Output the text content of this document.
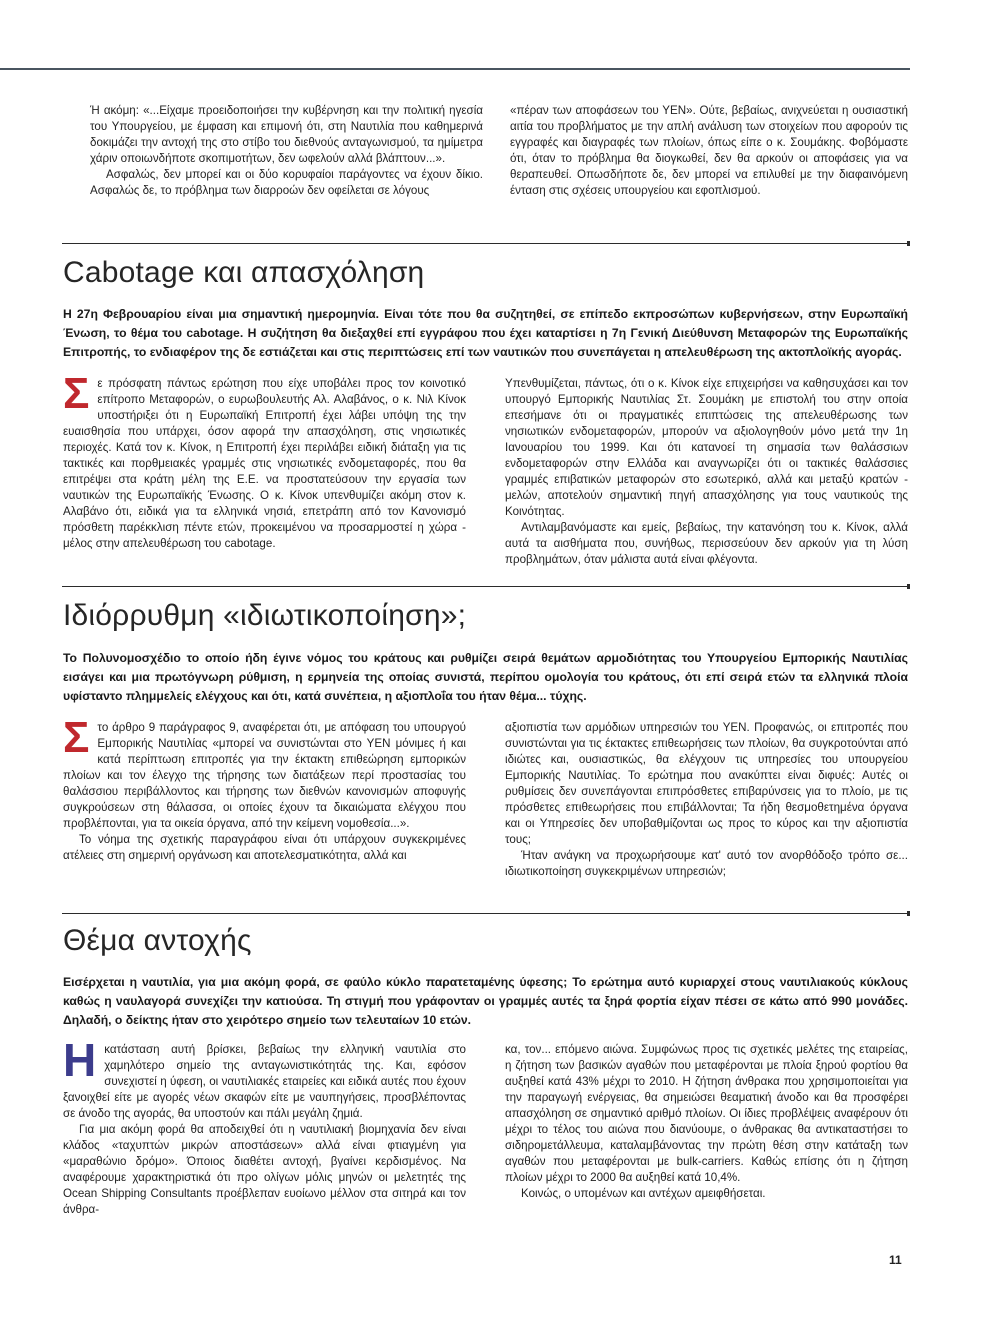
Ή ακόμη: «...Είχαμε προειδοποιήσει την κυβέρνηση και την πολιτική ηγεσία του Υπουργείου, με έμφαση και επιμονή ότι, στη Ναυτιλία που καθημερινά δοκιμάζει την αντοχή της στο στίβο του διεθνούς ανταγωνισμού, τα ημίμετρα χάριν οποιωνδήποτε σκοπιμοτήτων, δεν ωφελούν αλλά βλάπτουν...».

Ασφαλώς, δεν μπορεί και οι δύο κορυφαίοι παράγοντες να έχουν δίκιο. Ασφαλώς δε, το πρόβλημα των διαρροών δεν οφείλεται σε λόγους

«πέραν των αποφάσεων του ΥΕΝ». Ούτε, βεβαίως, ανιχνεύεται η ουσιαστική αιτία του προβλήματος με την απλή ανάλυση των στοιχείων που αφορούν τις εγγραφές και διαγραφές των πλοίων, όπως είπε ο κ. Σουμάκης. Φοβόμαστε ότι, όταν το πρόβλημα θα διογκωθεί, δεν θα αρκούν οι αποφάσεις για να θεραπευθεί. Οπωσδήποτε δε, δεν μπορεί να επιλυθεί με την διαφαινόμενη ένταση στις σχέσεις υπουργείου και εφοπλισμού.

Cabotage και απασχόληση

Η 27η Φεβρουαρίου είναι μια σημαντική ημερομηνία. Είναι τότε που θα συζητηθεί, σε επίπεδο εκπροσώπων κυβερνήσεων, στην Ευρωπαϊκή Ένωση, το θέμα του cabotage. Η συζήτηση θα διεξαχθεί επί εγγράφου που έχει καταρτίσει η 7η Γενική Διεύθυνση Μεταφορών της Ευρωπαϊκής Επιτροπής, το ενδιαφέρον της δε εστιάζεται και στις περιπτώσεις επί των ναυτικών που συνεπάγεται η απελευθέρωση της ακτοπλοϊκής αγοράς.

Σε πρόσφατη πάντως ερώτηση που είχε υποβάλει προς τον κοινοτικό επίτροπο Μεταφορών, ο ευρωβουλευτής Αλ. Αλαβάνος, ο κ. Νιλ Κίνοκ υποστήριξει ότι η Ευρωπαϊκή Επιτροπή έχει λάβει υπόψη της την ευαισθησία που υπάρχει, όσον αφορά την απασχόληση, στις νησιωτικές περιοχές. Κατά τον κ. Κίνοκ, η Επιτροπή έχει περιλάβει ειδική διάταξη για τις τακτικές και πορθμειακές γραμμές στις νησιωτικές ενδομεταφορές, που θα επιτρέψει στα κράτη μέλη της Ε.Ε. να προστατεύσουν την εργασία των ναυτικών της Ευρωπαϊκής Ένωσης. Ο κ. Κίνοκ υπενθυμίζει ακόμη στον κ. Αλαβάνο ότι, ειδικά για τα ελληνικά νησιά, επετράπη από τον Κανονισμό πρόσθετη παρέκκλιση πέντε ετών, προκειμένου να προσαρμοστεί η χώρα - μέλος στην απελευθέρωση του cabotage.

Υπενθυμίζεται, πάντως, ότι ο κ. Κίνοκ είχε επιχειρήσει να καθησυχάσει και τον υπουργό Εμπορικής Ναυτιλίας Στ. Σουμάκη με επιστολή του στην οποία επεσήμανε ότι οι πραγματικές επιπτώσεις της απελευθέρωσης των νησιωτικών ενδομεταφορών, μπορούν να αξιολογηθούν μόνο μετά την 1η Ιανουαρίου του 1999. Και ότι κατανοεί τη σημασία των θαλάσσιων ενδομεταφορών στην Ελλάδα και αναγνωρίζει ότι οι τακτικές θαλάσσιες γραμμές επιβατικών μεταφορών στο εσωτερικό, αλλά και μεταξύ κρατών - μελών, αποτελούν σημαντική πηγή απασχόλησης για τους ναυτικούς της Κοινότητας.

Αντιλαμβανόμαστε και εμείς, βεβαίως, την κατανόηση του κ. Κίνοκ, αλλά αυτά τα αισθήματα που, συνήθως, περισσεύουν δεν αρκούν για τη λύση προβλημάτων, όταν μάλιστα αυτά είναι φλέγοντα.

Ιδιόρρυθμη «ιδιωτικοποίηση»;

Το Πολυνομοσχέδιο το οποίο ήδη έγινε νόμος του κράτους και ρυθμίζει σειρά θεμάτων αρμοδιότητας του Υπουργείου Εμπορικής Ναυτιλίας εισάγει και μια πρωτόγνωρη ρύθμιση, η ερμηνεία της οποίας συνιστά, περίπου ομολογία του κράτους, ότι επί σειρά ετών τα ελληνικά πλοία υφίσταντο πλημμελείς ελέγχους και ότι, κατά συνέπεια, η αξιοπλοΐα του ήταν θέμα... τύχης.

Στο άρθρο 9 παράγραφος 9, αναφέρεται ότι, με απόφαση του υπουργού Εμπορικής Ναυτιλίας «μπορεί να συνιστώνται στο ΥΕΝ μόνιμες ή και κατά περίπτωση επιτροπές για την έκτακτη επιθεώρηση εμπορικών πλοίων και τον έλεγχο της τήρησης των διατάξεων περί προστασίας του θαλάσσιου περιβάλλοντος και τήρησης των διεθνών κανονισμών αποφυγής συγκρούσεων στη θάλασσα, οι οποίες έχουν τα δικαιώματα ελέγχου που προβλέπονται, για τα οικεία όργανα, από την κείμενη νομοθεσία...».

Το νόημα της σχετικής παραγράφου είναι ότι υπάρχουν συγκεκριμένες ατέλειες στη σημερινή οργάνωση και αποτελεσματικότητα, αλλά και

αξιοπιστία των αρμόδιων υπηρεσιών του ΥΕΝ. Προφανώς, οι επιτροπές που συνιστώνται για τις έκτακτες επιθεωρήσεις των πλοίων, θα συγκροτούνται από ιδιώτες και, ουσιαστικώς, θα ελέγχουν τις υπηρεσίες του υπουργείου Εμπορικής Ναυτιλίας. Το ερώτημα που ανακύπτει είναι διφυές: Αυτές οι ρυθμίσεις δεν συνεπάγονται επιπρόσθετες επιβαρύνσεις για το πλοίο, με τις πρόσθετες επιθεωρήσεις που επιβάλλονται; Τα ήδη θεσμοθετημένα όργανα και οι Υπηρεσίες δεν υποβαθμίζονται ως προς το κύρος και την αξιοπιστία τους;

Ήταν ανάγκη να προχωρήσουμε κατ' αυτό τον ανορθόδοξο τρόπο σε... ιδιωτικοποίηση συγκεκριμένων υπηρεσιών;

Θέμα αντοχής

Εισέρχεται η ναυτιλία, για μια ακόμη φορά, σε φαύλο κύκλο παρατεταμένης ύφεσης; Το ερώτημα αυτό κυριαρχεί στους ναυτιλιακούς κύκλους καθώς η ναυλαγορά συνεχίζει την κατιούσα. Τη στιγμή που γράφονταν οι γραμμές αυτές τα ξηρά φορτία είχαν πέσει σε κάτω από 990 μονάδες. Δηλαδή, ο δείκτης ήταν στο χειρότερο σημείο των τελευταίων 10 ετών.

Ηκατάσταση αυτή βρίσκει, βεβαίως την ελληνική ναυτιλία στο χαμηλότερο σημείο της ανταγωνιστικότητάς της. Και, εφόσον συνεχιστεί η ύφεση, οι ναυτιλιακές εταιρείες και ειδικά αυτές που έχουν ξανοιχθεί είτε με αγορές νέων σκαφών είτε με ναυπηγήσεις, προσβλέποντας σε άνοδο της αγοράς, θα υποστούν και πάλι μεγάλη ζημιά.

Για μια ακόμη φορά θα αποδειχθεί ότι η ναυτιλιακή βιομηχανία δεν είναι κλάδος «ταχυπτών μικρών αποστάσεων» αλλά είναι φτιαγμένη για «μαραθώνιο δρόμο». Όποιος διαθέτει αντοχή, βγαίνει κερδισμένος. Να αναφέρουμε χαρακτηριστικά ότι προ ολίγων μόλις μηνών οι μελετητές της Ocean Shipping Consultants προέβλεπαν ευοίωνο μέλλον στα σιτηρά και τον άνθρα-

κα, τον... επόμενο αιώνα. Συμφώνως προς τις σχετικές μελέτες της εταιρείας, η ζήτηση των βασικών αγαθών που μεταφέρονται με πλοία ξηρού φορτίου θα αυξηθεί κατά 43% μέχρι το 2010. Η ζήτηση άνθρακα που χρησιμοποιείται για την παραγωγή ενέργειας, θα σημειώσει θεαματική άνοδο και θα προσφέρει απασχόληση σε σημαντικό αριθμό πλοίων. Οι ίδιες προβλέψεις αναφέρουν ότι μέχρι το τέλος του αιώνα που διανύουμε, ο άνθρακας θα αντικαταστήσει το σιδηρομετάλλευμα, καταλαμβάνοντας την πρώτη θέση στην κατάταξη των αγαθών που μεταφέρονται με bulk-carriers. Καθώς επίσης ότι η ζήτηση πλοίων μέχρι το 2000 θα αυξηθεί κατά 10,4%.

Κοινώς, ο υπομένων και αντέχων αμειφθήσεται.

11
